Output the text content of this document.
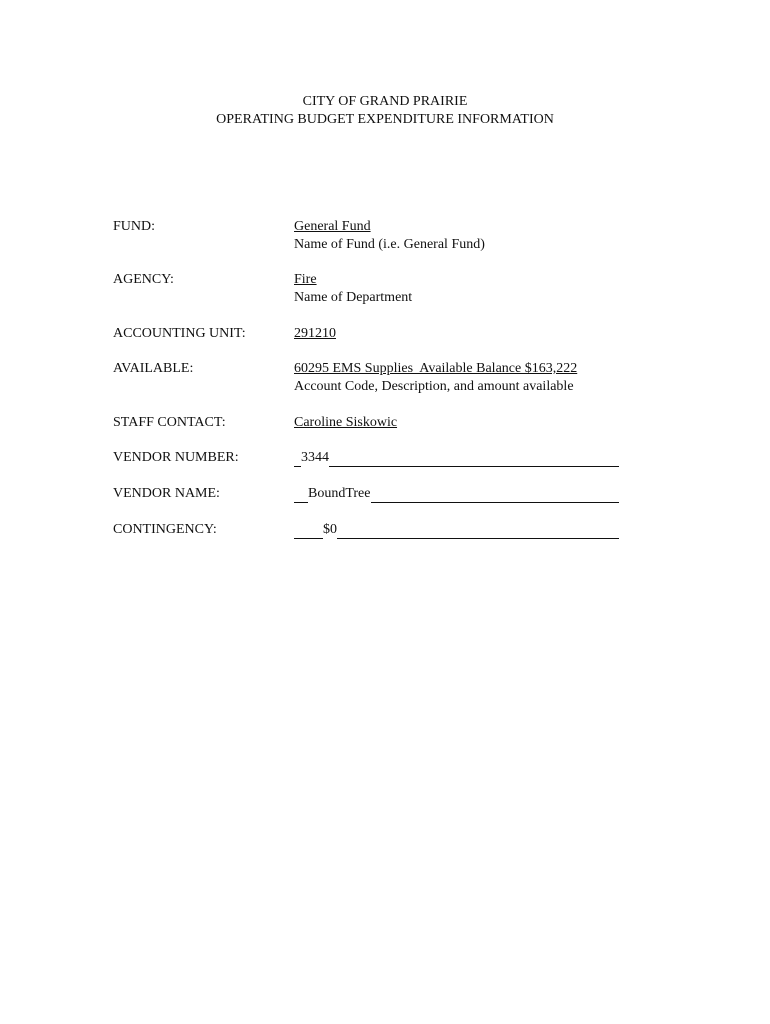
CITY OF GRAND PRAIRIE
OPERATING BUDGET EXPENDITURE INFORMATION
FUND:	General Fund
Name of Fund (i.e. General Fund)
AGENCY:	Fire
Name of Department
ACCOUNTING UNIT:	291210
AVAILABLE:	60295 EMS Supplies  Available Balance $163,222
Account Code, Description, and amount available
STAFF CONTACT:	Caroline Siskowic
VENDOR NUMBER:	3344
VENDOR NAME:	BoundTree
CONTINGENCY:	$0
